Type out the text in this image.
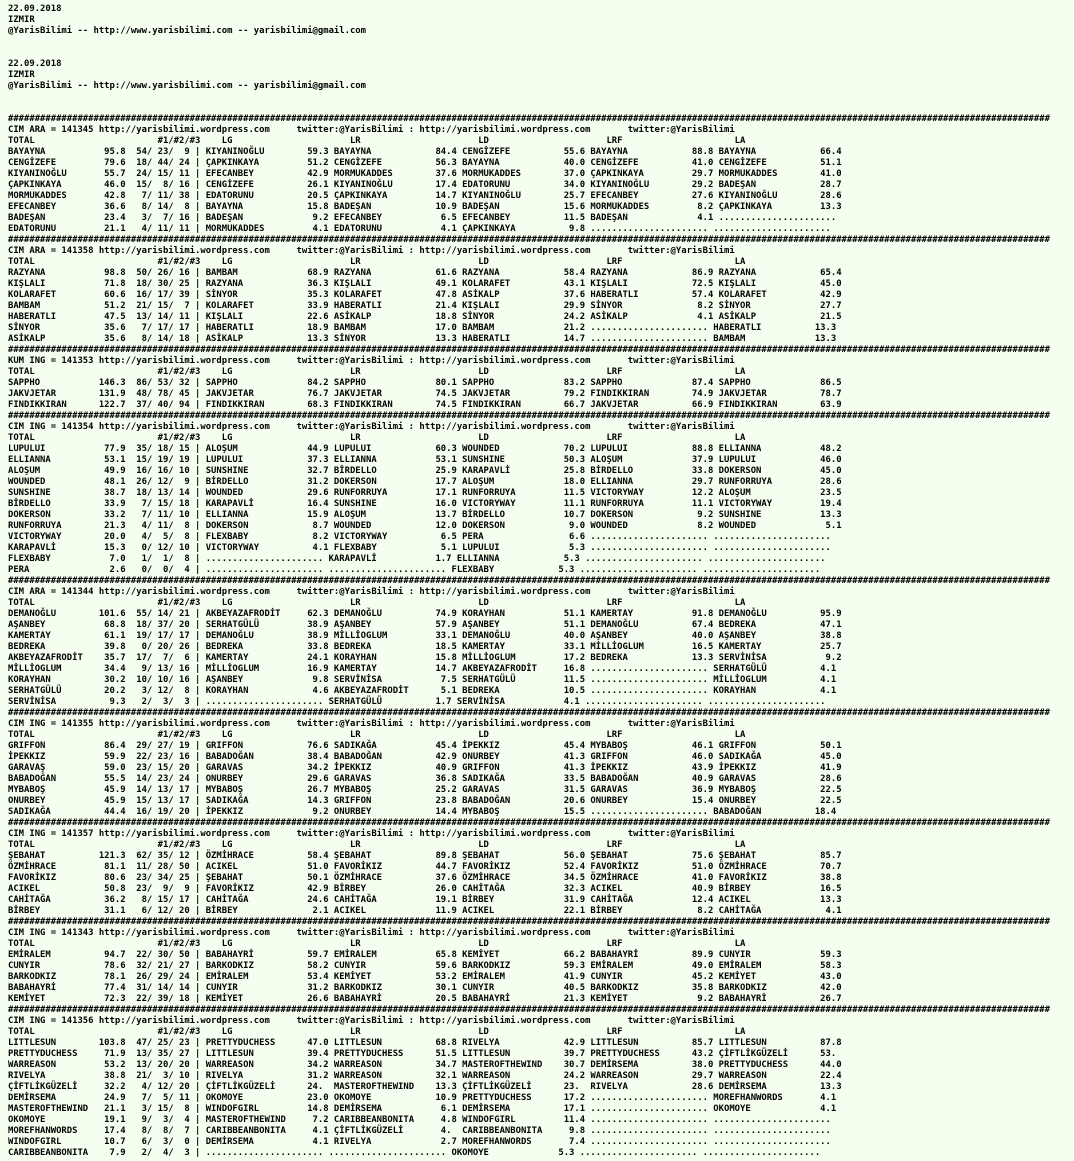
22.09.2018
IZMIR
@YarisBilimi -- http://www.yarisbilimi.com -- yarisbilimi@gmail.com

22.09.2018
IZMIR
@YarisBilimi -- http://www.yarisbilimi.com -- yarisbilimi@gmail.com

###################################################################################################################################################################################################
CIM ARA = 141345 http://yarisbilimi.wordpress.com     twitter:@YarisBilimi : http://yarisbilimi.wordpress.com       twitter:@YarisBilimi
TOTAL                       #1/#2/#3    LG                      LR                      LD                      LRF                     LA
BAYAYNA           95.8  54/ 23/  9 | KIYANINOĞLU        59.3 BAYAYNA            84.4 CENGİZEFE          55.6 BAYAYNA            88.8 BAYAYNA            66.4
CENGİZEFE         79.6  18/ 44/ 24 | ÇAPKINKAYA         51.2 CENGİZEFE          56.3 BAYAYNA            40.0 CENGİZEFE          41.0 CENGİZEFE          51.1
KIYANINOĞLU       55.7  24/ 15/ 11 | EFECANBEY          42.9 MORMUKADDES        37.6 MORMUKADDES        37.0 ÇAPKINKAYA         29.7 MORMUKADDES        41.0
ÇAPKINKAYA        46.0  15/  8/ 16 | CENGİZEFE          26.1 KIYANINOĞLU        17.4 EDATORUNU          34.0 KIYANINOĞLU        29.2 BADEŞAN            28.7
MORMUKADDES       42.8   7/ 11/ 38 | EDATORUNU          20.5 ÇAPKINKAYA         14.7 KIYANINOĞLU        25.7 EFECANBEY          27.6 KIYANINOĞLU        28.6
EFECANBEY         36.6   8/ 14/  8 | BAYAYNA            15.8 BADEŞAN            10.9 BADEŞAN            15.6 MORMUKADDES         8.2 ÇAPKINKAYA         13.3
BADEŞAN           23.4   3/  7/ 16 | BADEŞAN             9.2 EFECANBEY           6.5 EFECANBEY          11.5 BADEŞAN             4.1 ......................
EDATORUNU         21.1   4/ 11/ 11 | MORMUKADDES         4.1 EDATORUNU           4.1 ÇAPKINKAYA          9.8 ...................... ......................
###################################################################################################################################################################################################
CIM ARA = 141358 http://yarisbilimi.wordpress.com     twitter:@YarisBilimi : http://yarisbilimi.wordpress.com       twitter:@YarisBilimi
TOTAL                       #1/#2/#3    LG                      LR                      LD                      LRF                     LA
RAZYANA           98.8  50/ 26/ 16 | BAMBAM             68.9 RAZYANA            61.6 RAZYANA            58.4 RAZYANA            86.9 RAZYANA            65.4
KIŞLALI           71.8  18/ 30/ 25 | RAZYANA            36.3 KIŞLALI            49.1 KOLARAFET          43.1 KIŞLALI            72.5 KIŞLALI            45.0
KOLARAFET         60.6  16/ 17/ 39 | SİNYOR             35.3 KOLARAFET          47.8 ASİKALP            37.6 HABERATLI          57.4 KOLARAFET          42.9
BAMBAM            51.2  21/ 15/  7 | KOLARAFET          33.9 HABERATLI          21.4 KIŞLALI            29.9 SİNYOR              8.2 SİNYOR             27.7
HABERATLI         47.5  13/ 14/ 11 | KIŞLALI            22.6 ASİKALP            18.8 SİNYOR             24.2 ASİKALP             4.1 ASİKALP            21.5
SİNYOR            35.6   7/ 17/ 17 | HABERATLI          18.9 BAMBAM             17.0 BAMBAM             21.2 ...................... HABERATLI          13.3
ASİKALP           35.6   8/ 14/ 18 | ASİKALP            13.3 SİNYOR             13.3 HABERATLI          14.7 ...................... BAMBAM             13.3
###################################################################################################################################################################################################
KUM ING = 141353 http://yarisbilimi.wordpress.com     twitter:@YarisBilimi : http://yarisbilimi.wordpress.com       twitter:@YarisBilimi
TOTAL                       #1/#2/#3    LG                      LR                      LD                      LRF                     LA
SAPPHO           146.3  86/ 53/ 32 | SAPPHO             84.2 SAPPHO             80.1 SAPPHO             83.2 SAPPHO             87.4 SAPPHO             86.5
JAKVJETAR        131.9  48/ 78/ 45 | JAKVJETAR          76.7 JAKVJETAR          74.5 JAKVJETAR          79.2 FINDIKKIRAN        74.9 JAKVJETAR          78.7
FINDIKKIRAN      122.7  37/ 40/ 94 | FINDIKKIRAN        68.3 FINDIKKIRAN        74.5 FINDIKKIRAN        66.7 JAKVJETAR          66.9 FINDIKKIRAN        63.9
###################################################################################################################################################################################################
CIM ING = 141354 http://yarisbilimi.wordpress.com     twitter:@YarisBilimi : http://yarisbilimi.wordpress.com       twitter:@YarisBilimi
TOTAL                       #1/#2/#3    LG                      LR                      LD                      LRF                     LA
LUPULUI           77.9  35/ 18/ 15 | ALOŞUM             44.9 LUPULUI            60.3 WOUNDED            70.2 LUPULUI            88.8 ELLIANNA           48.2
ELLIANNA          53.1  15/ 19/ 19 | LUPULUI            37.3 ELLIANNA           53.1 SUNSHINE           50.3 ALOŞUM             37.9 LUPULUI            46.0
ALOŞUM            49.9  16/ 16/ 10 | SUNSHINE           32.7 BİRDELLO           25.9 KARAPAVLİ          25.8 BİRDELLO           33.8 DOKERSON           45.0
WOUNDED           48.1  26/ 12/  9 | BİRDELLO           31.2 DOKERSON           17.7 ALOŞUM             18.0 ELLIANNA           29.7 RUNFORRUYA         28.6
SUNSHINE          38.7  18/ 13/ 14 | WOUNDED            29.6 RUNFORRUYA         17.1 RUNFORRUYA         11.5 VICTORYWAY         12.2 ALOŞUM             23.5
BİRDELLO          33.9   7/ 15/ 18 | KARAPAVLİ          16.4 SUNSHINE           16.0 VICTORYWAY         11.1 RUNFORRUYA         11.1 VICTORYWAY         19.4
DOKERSON          33.2   7/ 11/ 10 | ELLIANNA           15.9 ALOŞUM             13.7 BİRDELLO           10.7 DOKERSON            9.2 SUNSHINE           13.3
RUNFORRUYA        21.3   4/ 11/  8 | DOKERSON            8.7 WOUNDED            12.0 DOKERSON            9.0 WOUNDED             8.2 WOUNDED             5.1
VICTORYWAY        20.0   4/  5/  8 | FLEXBABY            8.2 VICTORYWAY          6.5 PERA                6.6 ...................... ......................
KARAPAVLİ         15.3   0/ 12/ 10 | VICTORYWAY          4.1 FLEXBABY            5.1 LUPULUI             5.3 ...................... ......................
FLEXBABY           7.0   1/  1/  8 | ...................... KARAPAVLİ           1.7 ELLIANNA            5.3 ...................... ......................
PERA               2.6   0/  0/  4 | ...................... ...................... FLEXBABY            5.3 ...................... ......................
###################################################################################################################################################################################################
CIM ARA = 141344 http://yarisbilimi.wordpress.com     twitter:@YarisBilimi : http://yarisbilimi.wordpress.com       twitter:@YarisBilimi
TOTAL                       #1/#2/#3    LG                      LR                      LD                      LRF                     LA
DEMANOĞLU        101.6  55/ 14/ 21 | AKBEYAZAFRODİT     62.3 DEMANOĞLU          74.9 KORAYHAN           51.1 KAMERTAY           91.8 DEMANOĞLU          95.9
AŞANBEY           68.8  18/ 37/ 20 | SERHATGÜLÜ         38.9 AŞANBEY            57.9 AŞANBEY            51.1 DEMANOĞLU          67.4 BEDREKA            47.1
KAMERTAY          61.1  19/ 17/ 17 | DEMANOĞLU          38.9 MİLLİOGLUM         33.1 DEMANOĞLU          40.0 AŞANBEY            40.0 AŞANBEY            38.8
BEDREKA           39.8   0/ 20/ 26 | BEDREKA            33.8 BEDREKA            18.5 KAMERTAY           33.1 MİLLİOGLUM         16.5 KAMERTAY           25.7
AKBEYAZAFRODİT    35.7  17/  7/  6 | KAMERTAY           24.1 KORAYHAN           15.8 MİLLİOGLUM         17.2 BEDREKA            13.3 SERVİNİSA           9.2
MİLLİOGLUM        34.4   9/ 13/ 16 | MİLLİOGLUM         16.9 KAMERTAY           14.7 AKBEYAZAFRODİT     16.8 ...................... SERHATGÜLÜ          4.1
KORAYHAN          30.2  10/ 10/ 16 | AŞANBEY             9.8 SERVİNİSA           7.5 SERHATGÜLÜ         11.5 ...................... MİLLİOGLUM          4.1
SERHATGÜLÜ        20.2   3/ 12/  8 | KORAYHAN            4.6 AKBEYAZAFRODİT      5.1 BEDREKA            10.5 ...................... KORAYHAN            4.1
SERVİNİSA          9.3   2/  3/  3 | ...................... SERHATGÜLÜ          1.7 SERVİNİSA           4.1 ...................... ......................
###################################################################################################################################################################################################
CIM ING = 141355 http://yarisbilimi.wordpress.com     twitter:@YarisBilimi : http://yarisbilimi.wordpress.com       twitter:@YarisBilimi
TOTAL                       #1/#2/#3    LG                      LR                      LD                      LRF                     LA
GRIFFON           86.4  29/ 27/ 19 | GRIFFON            76.6 SADIKAĞA           45.4 İPEKKIZ            45.4 MYBABOŞ            46.1 GRIFFON            50.1
İPEKKIZ           59.9  22/ 23/ 16 | BABADOĞAN          38.4 BABADOĞAN          42.9 ONURBEY            41.3 GRIFFON            46.0 SADIKAĞA           45.0
GARAVAŞ           59.0  23/ 15/ 20 | GARAVAS            34.2 İPEKKIZ            40.9 GRIFFON            41.3 İPEKKIZ            43.9 İPEKKIZ            41.9
BABADOĞAN         55.5  14/ 23/ 24 | ONURBEY            29.6 GARAVAS            36.8 SADIKAĞA           33.5 BABADOĞAN          40.9 GARAVAS            28.6
MYBABOŞ           45.9  14/ 13/ 17 | MYBABOŞ            26.7 MYBABOŞ            25.2 GARAVAS            31.5 GARAVAS            36.9 MYBABOŞ            22.5
ONURBEY           45.9  15/ 13/ 17 | SADIKAĞA           14.3 GRIFFON            23.8 BABADOĞAN          20.6 ONURBEY            15.4 ONURBEY            22.5
SADIKAĞA          44.4  16/ 19/ 20 | İPEKKIZ             9.2 ONURBEY            14.4 MYBABOŞ            15.5 ...................... BABADOĞAN          18.4
###################################################################################################################################################################################################
CIM ING = 141357 http://yarisbilimi.wordpress.com     twitter:@YarisBilimi : http://yarisbilimi.wordpress.com       twitter:@YarisBilimi
TOTAL                       #1/#2/#3    LG                      LR                      LD                      LRF                     LA
ŞEBAHAT          121.3  62/ 35/ 12 | ÖZMİHRACE          58.4 ŞEBAHAT            89.8 ŞEBAHAT            56.0 ŞEBAHAT            75.6 ŞEBAHAT            85.7
ÖZMİHRACE         81.1  11/ 28/ 50 | ACIKEL             51.0 FAVORİKIZ          44.7 FAVORİKIZ          52.4 FAVORİKIZ          51.0 ÖZMİHRACE          70.7
FAVORİKIZ         80.6  23/ 34/ 25 | ŞEBAHAT            50.1 ÖZMİHRACE          37.6 ÖZMİHRACE          34.5 ÖZMİHRACE          41.0 FAVORİKIZ          38.8
ACIKEL            50.8  23/  9/  9 | FAVORİKIZ          42.9 BİRBEY             26.0 CAHİTAĞA           32.3 ACIKEL             40.9 BİRBEY             16.5
CAHİTAĞA          36.2   8/ 15/ 17 | CAHİTAĞA           24.6 CAHİTAĞA           19.1 BİRBEY             31.9 CAHİTAĞA           12.4 ACIKEL             13.3
BİRBEY            31.1   6/ 12/ 20 | BİRBEY              2.1 ACIKEL             11.9 ACIKEL             22.1 BİRBEY              8.2 CAHİTAĞA            4.1
###################################################################################################################################################################################################
CIM ING = 141343 http://yarisbilimi.wordpress.com     twitter:@YarisBilimi : http://yarisbilimi.wordpress.com       twitter:@YarisBilimi
TOTAL                       #1/#2/#3    LG                      LR                      LD                      LRF                     LA
EMİRALEM          94.7  22/ 30/ 50 | BABAHAYRİ          59.7 EMİRALEM           65.8 KEMİYET            66.2 BABAHAYRİ          89.9 CUNYIR             59.3
CUNYIR            78.6  32/ 21/ 27 | BARKODKIZ          58.2 CUNYIR             59.6 BARKODKIZ          59.3 EMİRALEM           49.0 EMİRALEM           58.3
BARKODKIZ         78.1  26/ 29/ 24 | EMİRALEM           53.4 KEMİYET            53.2 EMİRALEM           41.9 CUNYIR             45.2 KEMİYET            43.0
BABAHAYRİ         77.4  31/ 14/ 14 | CUNYIR             31.2 BARKODKIZ          30.1 CUNYIR             40.5 BARKODKIZ          35.8 BARKODKIZ          42.0
KEMİYET           72.3  22/ 39/ 18 | KEMİYET            26.6 BABAHAYRİ          20.5 BABAHAYRİ          21.3 KEMİYET             9.2 BABAHAYRİ          26.7
###################################################################################################################################################################################################
CIM ING = 141356 http://yarisbilimi.wordpress.com     twitter:@YarisBilimi : http://yarisbilimi.wordpress.com       twitter:@YarisBilimi
TOTAL                       #1/#2/#3    LG                      LR                      LD                      LRF                     LA
LITTLESUN        103.8  47/ 25/ 23 | PRETTYDUCHESS      47.0 LITTLESUN          68.8 RIVELYA            42.9 LITTLESUN          85.7 LITTLESUN          87.8
PRETTYDUCHESS     71.9  13/ 35/ 27 | LITTLESUN          39.4 PRETTYDUCHESS      51.5 LITTLESUN          39.7 PRETTYDUCHESS      43.2 ÇİFTLİKGÜZELİ      53.
WARREASON         53.2  13/ 20/ 20 | WARREASON          34.2 WARREASON          34.7 MASTEROFTHEWIND    30.7 DEMİRSEMA          38.0 PRETTYDUCHESS      44.0
RIVELYA           38.8  21/  3/ 10 | RIVELYA            31.2 WARREASON          32.1 WARREASON          24.2 WARREASON          29.7 WARREASON          22.4
ÇİFTLİKGÜZELİ     32.2   4/ 12/ 20 | ÇİFTLİKGÜZELİ      24.  MASTEROFTHEWIND    13.3 ÇİFTLİKGÜZELİ      23.  RIVELYA            28.6 DEMİRSEMA          13.3
DEMİRSEMA         24.9   7/  5/ 11 | OKOMOYE            23.0 OKOMOYE            10.9 PRETTYDUCHESS      17.2 ...................... MOREFHANWORDS       4.1
MASTEROFTHEWIND   21.1   3/ 15/  8 | WINDOFGIRL         14.8 DEMİRSEMA           6.1 DEMİRSEMA          17.1 ...................... OKOMOYE             4.1
OKOMOYE           19.1   9/  3/  4 | MASTEROFTHEWIND     7.2 CARIBBEANBONITA     4.8 WINDOFGIRL         11.4 ...................... ......................
MOREFHANWORDS     17.4   8/  8/  7 | CARIBBEANBONITA     4.1 ÇİFTLİKGÜZELİ       4.  CARIBBEANBONITA     9.8 ...................... ......................
WINDOFGIRL        10.7   6/  3/  0 | DEMİRSEMA           4.1 RIVELYA             2.7 MOREFHANWORDS       7.4 ...................... ......................
CARIBBEANBONITA    7.9   2/  4/  3 | ...................... ...................... OKOMOYE             5.3 ...................... ......................
